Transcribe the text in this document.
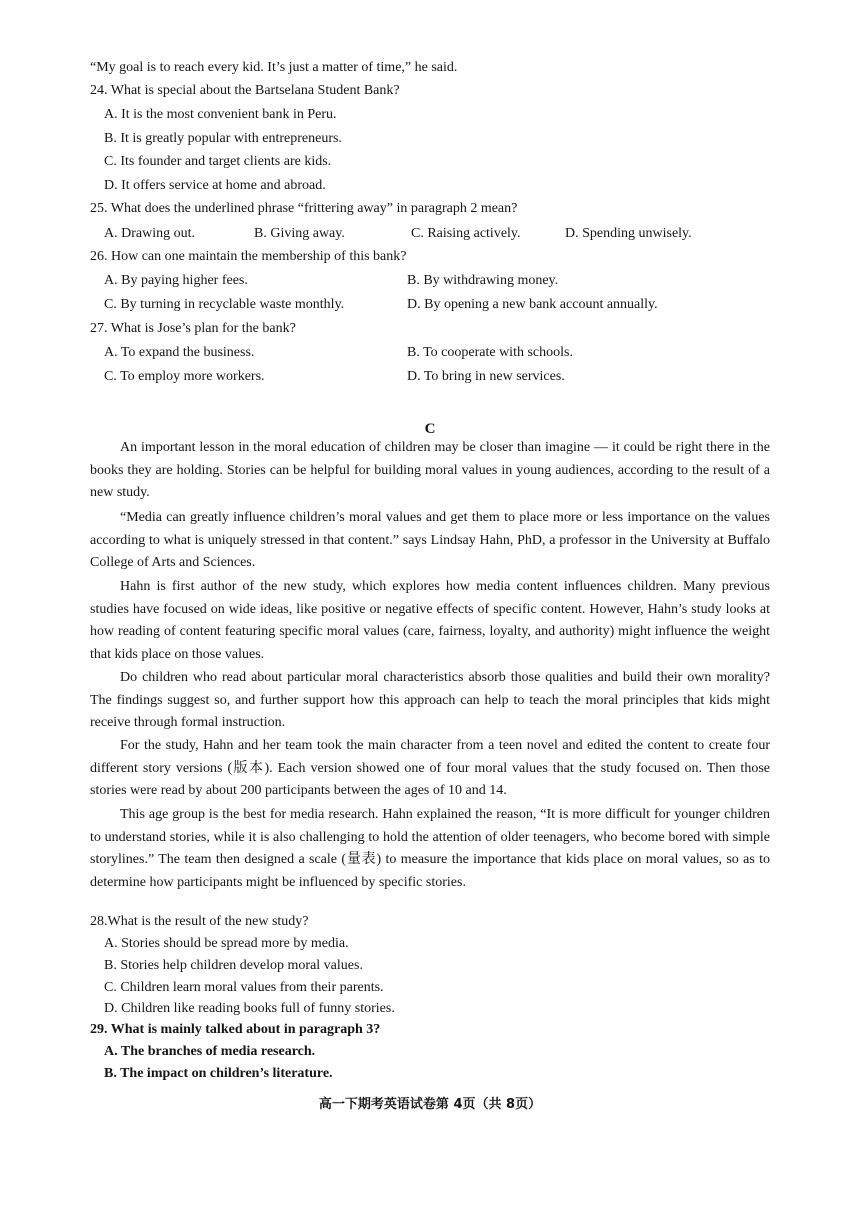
“My goal is to reach every kid. It’s just a matter of time,” he said.
24. What is special about the Bartselana Student Bank?
A. It is the most convenient bank in Peru.
B. It is greatly popular with entrepreneurs.
C. Its founder and target clients are kids.
D. It offers service at home and abroad.
25. What does the underlined phrase “frittering away” in paragraph 2 mean?
A. Drawing out.	B. Giving away.	C. Raising actively.	D. Spending unwisely.
26. How can one maintain the membership of this bank?
A. By paying higher fees.	B. By withdrawing money.
C. By turning in recyclable waste monthly.	D. By opening a new bank account annually.
27. What is Jose’s plan for the bank?
A. To expand the business.	B. To cooperate with schools.
C. To employ more workers.	D. To bring in new services.
C

An important lesson in the moral education of children may be closer than imagine — it could be right there in the books they are holding. Stories can be helpful for building moral values in young audiences, according to the result of a new study.

“Media can greatly influence children’s moral values and get them to place more or less importance on the values according to what is uniquely stressed in that content.” says Lindsay Hahn, PhD, a professor in the University at Buffalo College of Arts and Sciences.

Hahn is first author of the new study, which explores how media content influences children. Many previous studies have focused on wide ideas, like positive or negative effects of specific content. However, Hahn’s study looks at how reading of content featuring specific moral values (care, fairness, loyalty, and authority) might influence the weight that kids place on those values.

Do children who read about particular moral characteristics absorb those qualities and build their own morality? The findings suggest so, and further support how this approach can help to teach the moral principles that kids might receive through formal instruction.

For the study, Hahn and her team took the main character from a teen novel and edited the content to create four different story versions (版本). Each version showed one of four moral values that the study focused on. Then those stories were read by about 200 participants between the ages of 10 and 14.

This age group is the best for media research. Hahn explained the reason, “It is more difficult for younger children to understand stories, while it is also challenging to hold the attention of older teenagers, who become bored with simple storylines.” The team then designed a scale (量表) to measure the importance that kids place on moral values, so as to determine how participants might be influenced by specific stories.

28.What is the result of the new study?
A. Stories should be spread more by media.
B. Stories help children develop moral values.
C. Children learn moral values from their parents.
D. Children like reading books full of funny stories.
29. What is mainly talked about in paragraph 3?
A. The branches of media research.
B. The impact on children’s literature.
高一下期考英语试卷第 4页（共 8页）
